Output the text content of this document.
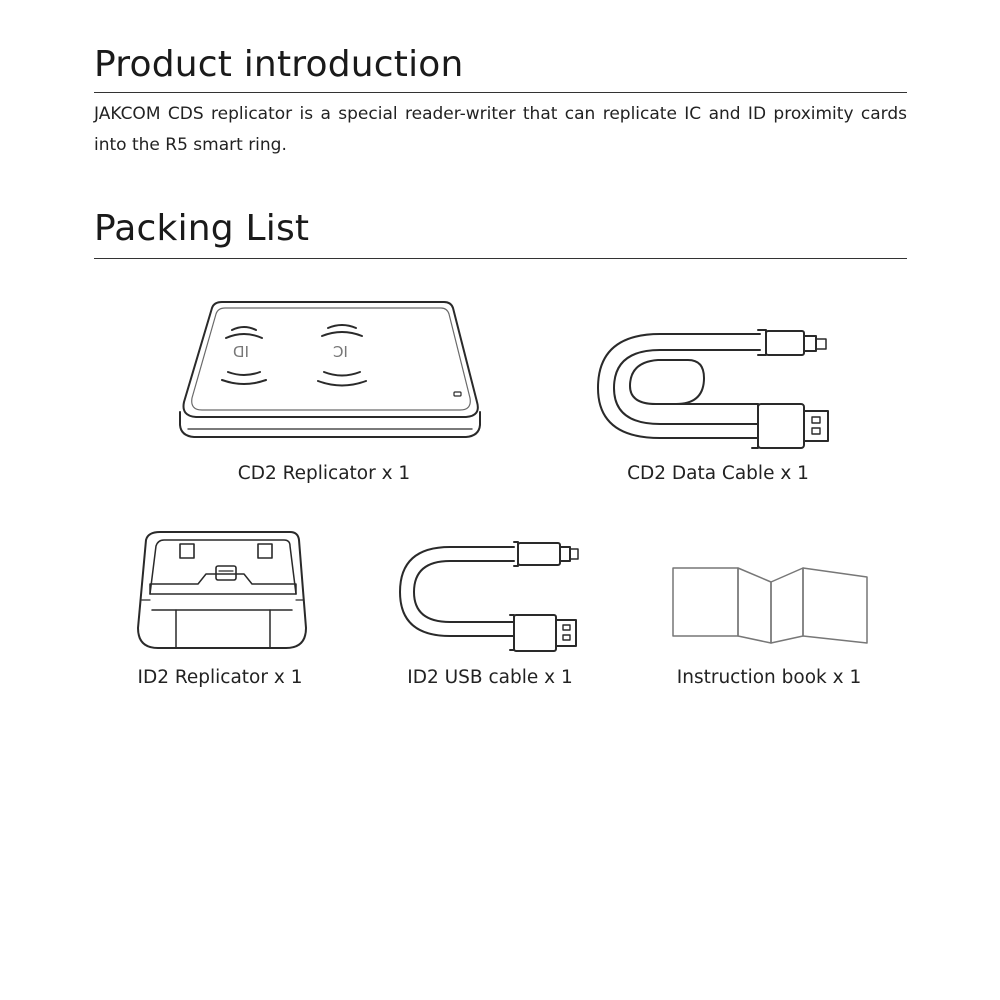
Product introduction

JAKCOM CDS replicator is a special reader-writer that can replicate IC and ID proximity cards into the R5 smart ring.

Packing List
ID	IC
CD2 Replicator x 1	CD2 Data Cable x 1
ID2 Replicator x 1	ID2 USB cable x 1	Instruction book x 1
